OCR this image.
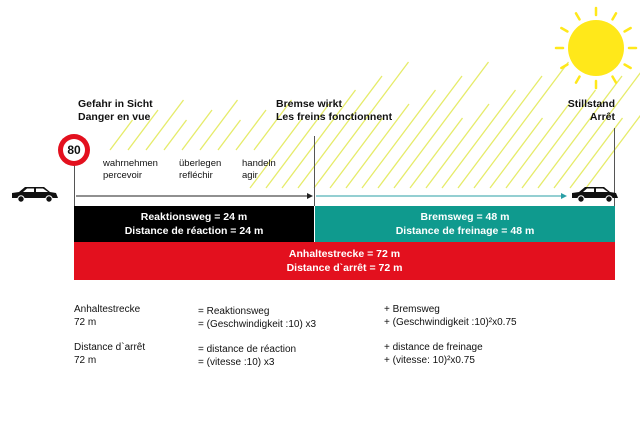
Gefahr in Sicht
Danger en vue
Bremse wirkt
Les freins fonctionnent
Stillstand
Arrêt
80
wahrnehmen
percevoir
überlegen
refléchir
handeln
agir
Reaktionsweg = 24 m
Distance de réaction = 24 m
Bremsweg = 48 m
Distance de freinage = 48 m
Anhaltestrecke = 72 m
Distance d`arrêt = 72 m
Anhaltestrecke
72 m
= Reaktionsweg
= (Geschwindigkeit :10) x3
+ Bremsweg
+ (Geschwindigkeit :10)²x0.75
Distance d`arrêt
72 m
= distance de réaction
= (vitesse :10) x3
+ distance de freinage
+ (vitesse: 10)²x0.75
